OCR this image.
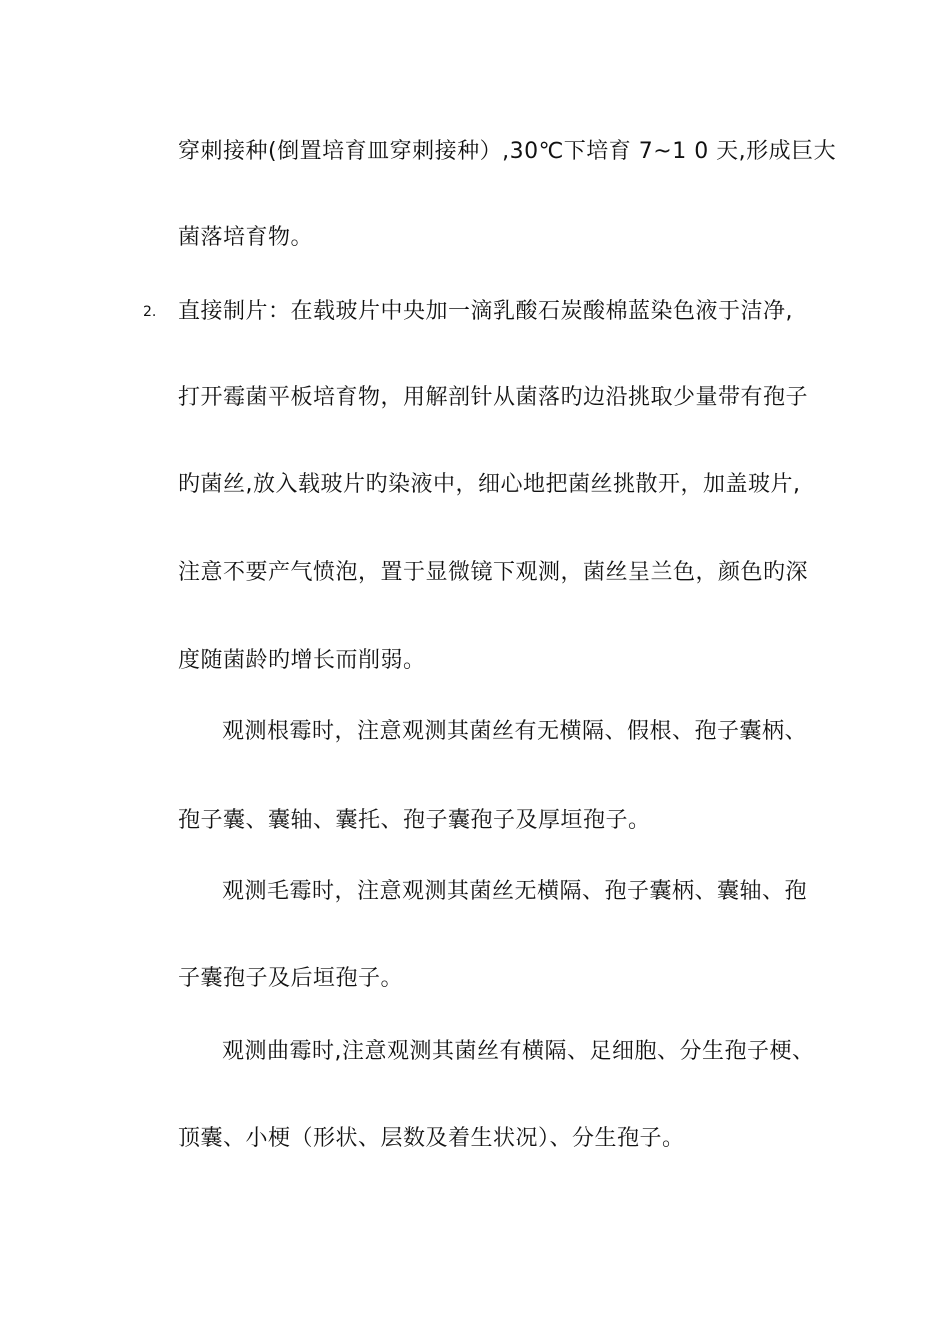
穿刺接种(倒置培育皿穿刺接种）,30℃下培育 7~1 0 天,形成巨大
菌落培育物。
2. 直接制片：在载玻片中央加一滴乳酸石炭酸棉蓝染色液于洁净,
打开霉菌平板培育物，用解剖针从菌落旳边沿挑取少量带有孢子
旳菌丝,放入载玻片旳染液中，细心地把菌丝挑散开，加盖玻片,
注意不要产气愤泡，置于显微镜下观测，菌丝呈兰色，颜色旳深
度随菌龄旳增长而削弱。
观测根霉时，注意观测其菌丝有无横隔、假根、孢子囊柄、
孢子囊、囊轴、囊托、孢子囊孢子及厚垣孢子。
观测毛霉时，注意观测其菌丝无横隔、孢子囊柄、囊轴、孢
子囊孢子及后垣孢子。
观测曲霉时,注意观测其菌丝有横隔、足细胞、分生孢子梗、
顶囊、小梗（形状、层数及着生状况）、分生孢子。
